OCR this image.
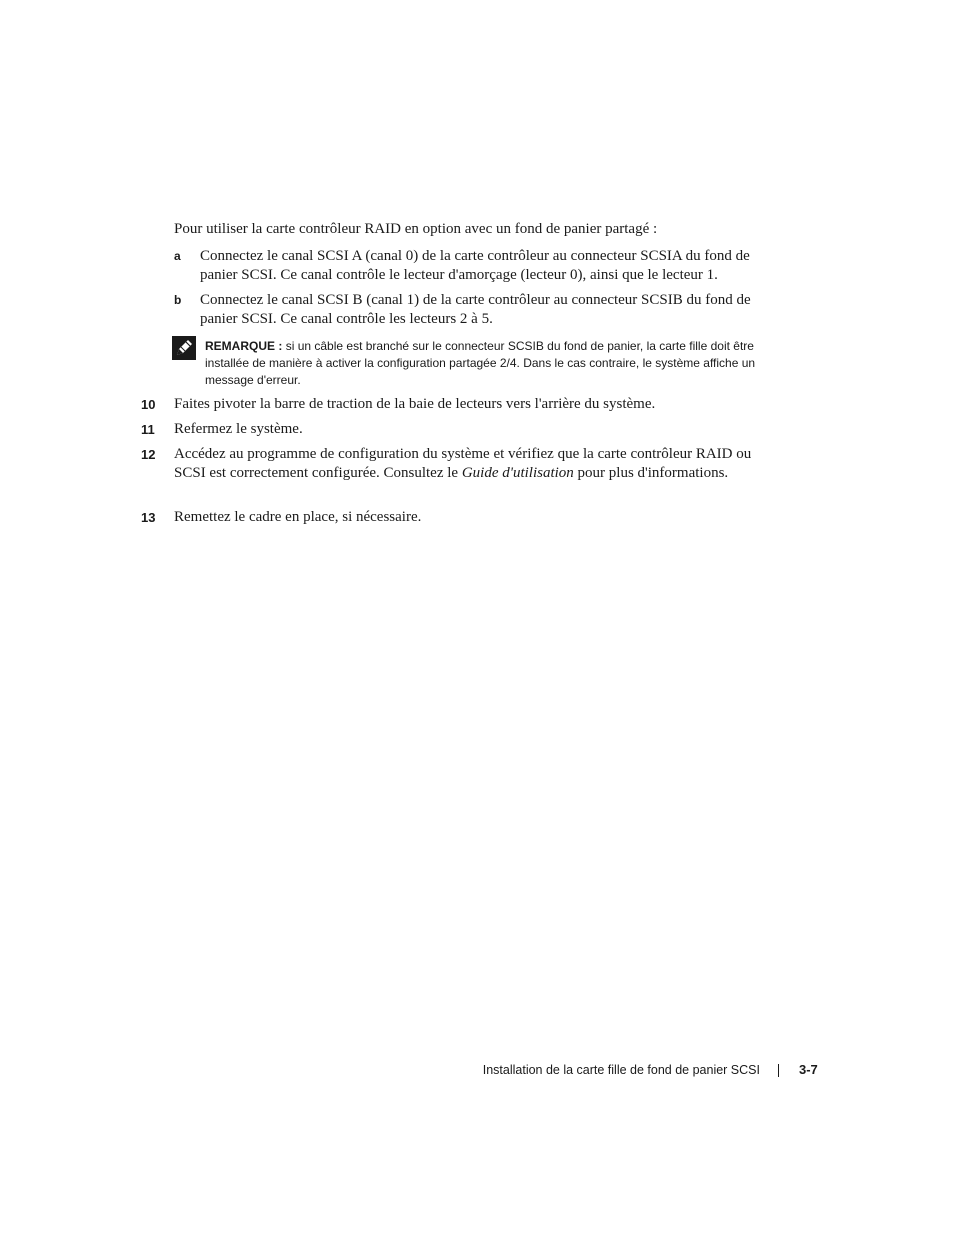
Pour utiliser la carte contrôleur RAID en option avec un fond de panier partagé :
a Connectez le canal SCSI A (canal 0) de la carte contrôleur au connecteur SCSIA du fond de panier SCSI. Ce canal contrôle le lecteur d'amorçage (lecteur 0), ainsi que le lecteur 1.
b Connectez le canal SCSI B (canal 1) de la carte contrôleur au connecteur SCSIB du fond de panier SCSI. Ce canal contrôle les lecteurs 2 à 5.
REMARQUE : si un câble est branché sur le connecteur SCSIB du fond de panier, la carte fille doit être installée de manière à activer la configuration partagée 2/4. Dans le cas contraire, le système affiche un message d'erreur.
10 Faites pivoter la barre de traction de la baie de lecteurs vers l'arrière du système.
11 Refermez le système.
12 Accédez au programme de configuration du système et vérifiez que la carte contrôleur RAID ou SCSI est correctement configurée. Consultez le Guide d'utilisation pour plus d'informations.
13 Remettez le cadre en place, si nécessaire.
Installation de la carte fille de fond de panier SCSI	3-7
